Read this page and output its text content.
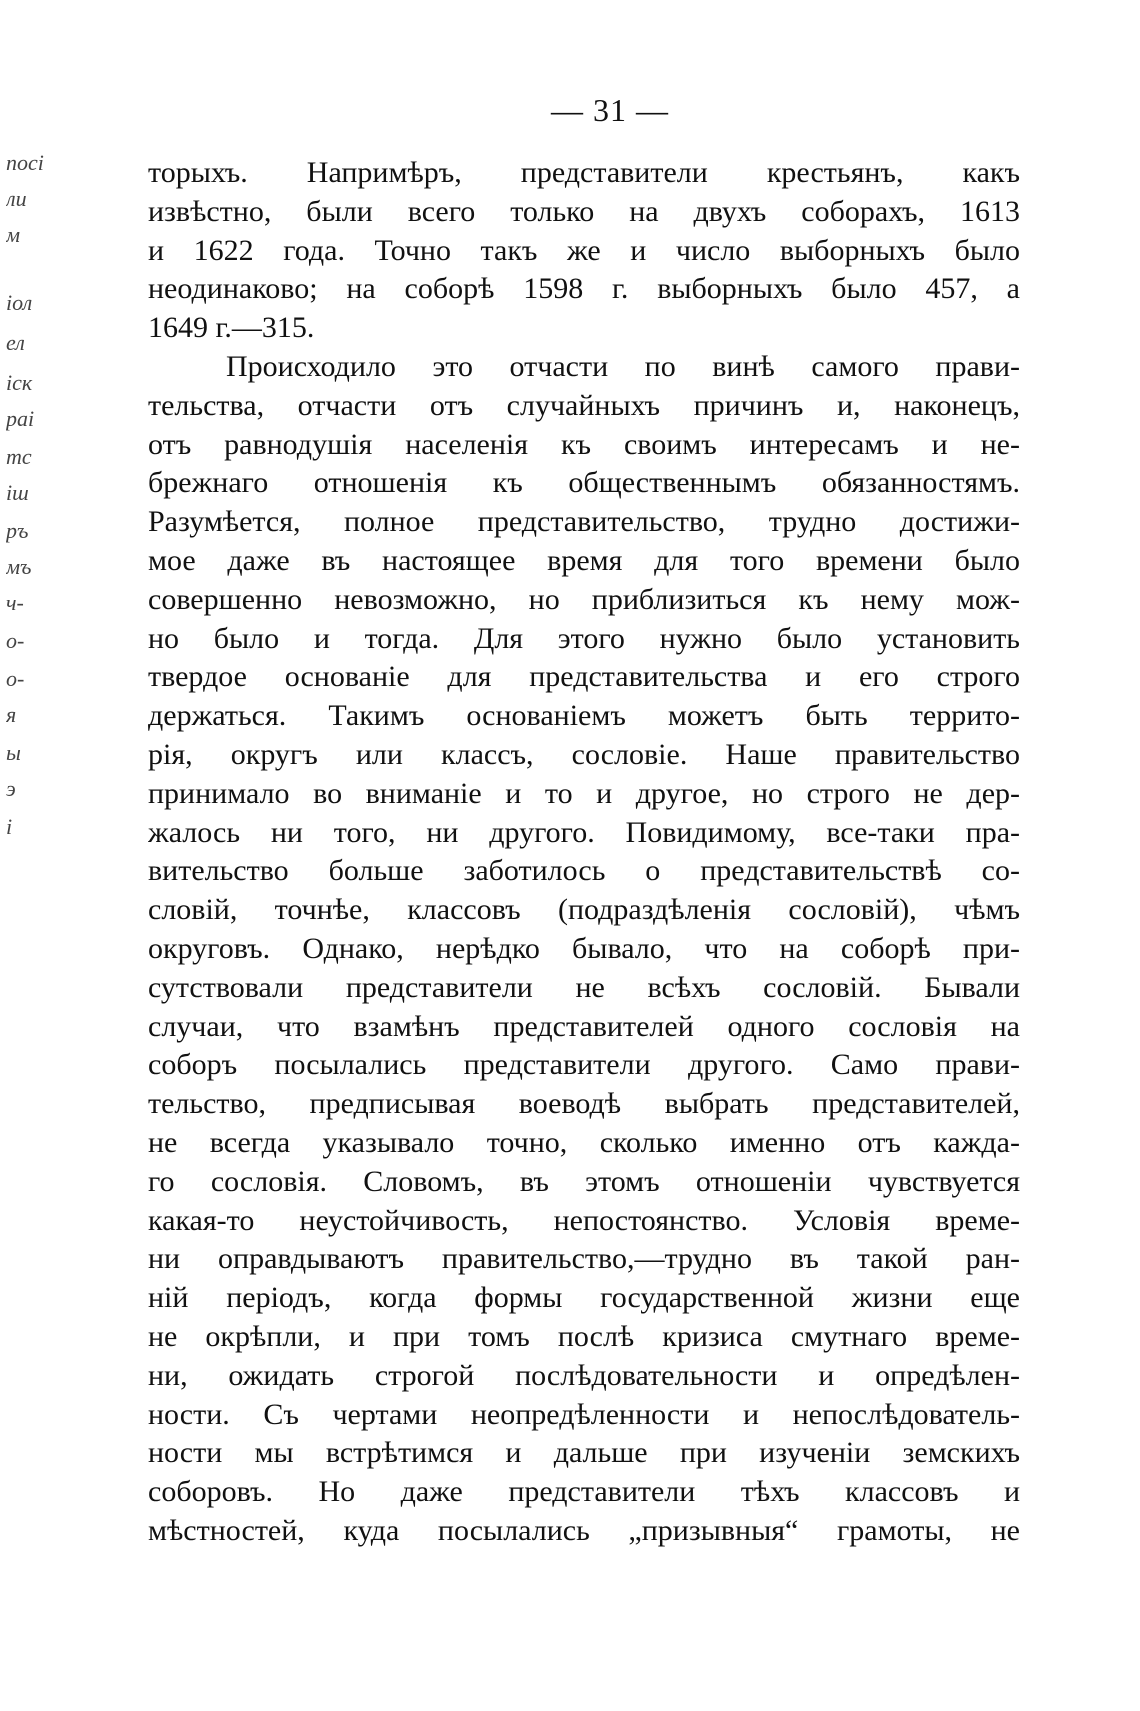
— 31 —
посі
ли
м
іол
ел
іск
раі
тс
іш
ръ
мъ
ч-
о-
о-
я
ы
э
і
торыхъ. Напримѣръ, представители крестьянъ, какъ
извѣстно, были всего только на двухъ соборахъ, 1613
и 1622 года. Точно такъ же и число выборныхъ было
неодинаково; на соборѣ 1598 г. выборныхъ было 457, а
1649 г.—315.
Происходило это отчасти по винѣ самого прави-
тельства, отчасти отъ случайныхъ причинъ и, наконецъ,
отъ равнодушія населенія къ своимъ интересамъ и не-
брежнаго отношенія къ общественнымъ обязанностямъ.
Разумѣется, полное представительство, трудно достижи-
мое даже въ настоящее время для того времени было
совершенно невозможно, но приблизиться къ нему мож-
но было и тогда. Для этого нужно было установить
твердое основаніе для представительства и его строго
держаться. Такимъ основаніемъ можетъ быть террито-
рія, округъ или классъ, сословіе. Наше правительство
принимало во вниманіе и то и другое, но строго не дер-
жалось ни того, ни другого. Повидимому, все-таки пра-
вительство больше заботилось о представительствѣ со-
словій, точнѣе, классовъ (подраздѣленія сословій), чѣмъ
округовъ. Однако, нерѣдко бывало, что на соборѣ при-
сутствовали представители не всѣхъ сословій. Бывали
случаи, что взамѣнъ представителей одного сословія на
соборъ посылались представители другого. Само прави-
тельство, предписывая воеводѣ выбрать представителей,
не всегда указывало точно, сколько именно отъ кажда-
го сословія. Словомъ, въ этомъ отношеніи чувствуется
какая-то неустойчивость, непостоянство. Условія време-
ни оправдываютъ правительство,—трудно въ такой ран-
ній періодъ, когда формы государственной жизни еще
не окрѣпли, и при томъ послѣ кризиса смутнаго време-
ни, ожидать строгой послѣдовательности и опредѣлен-
ности. Съ чертами неопредѣленности и непослѣдователь-
ности мы встрѣтимся и дальше при изученіи земскихъ
соборовъ. Но даже представители тѣхъ классовъ и
мѣстностей, куда посылались „призывныя“ грамоты, не
